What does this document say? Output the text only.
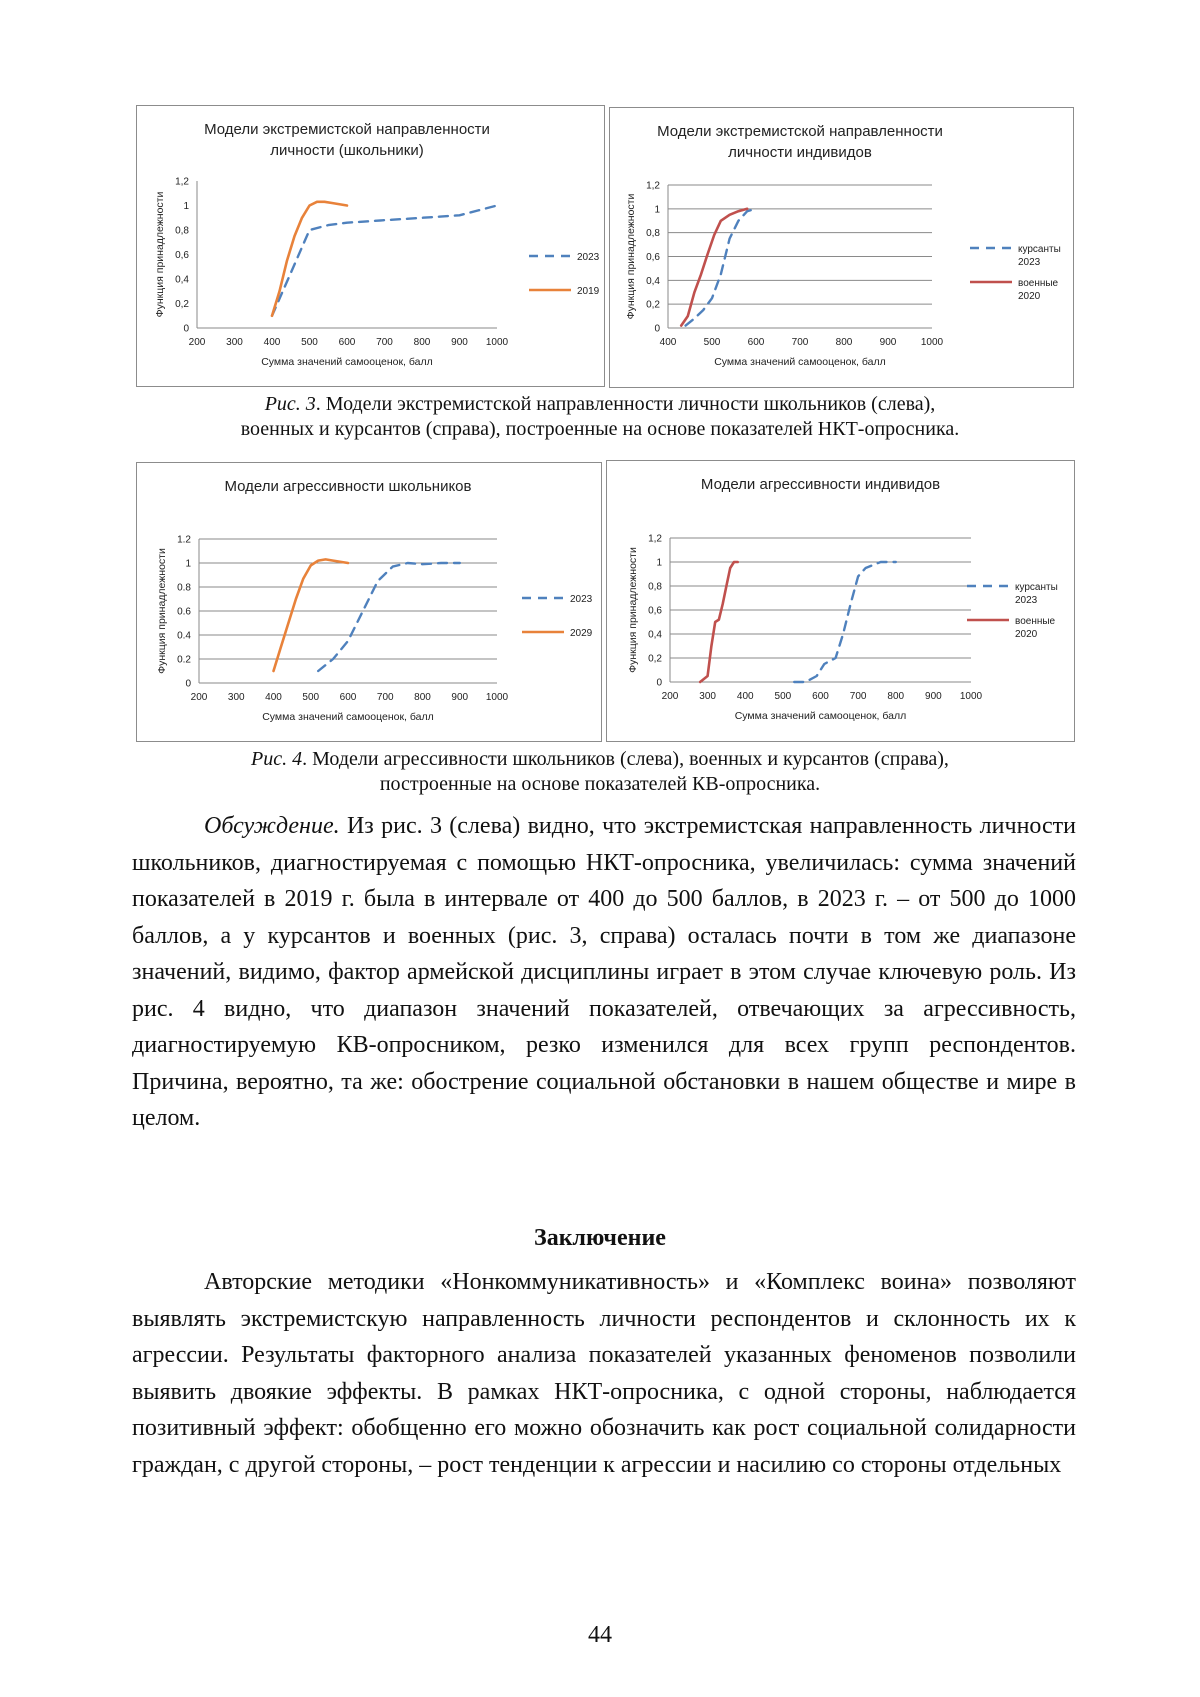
Модели экстремистской направленности
личности (школьники)
0
0,2
0,4
0,6
0,8
1
1,2
200 300 400 500 600 700 800 900 1000
Сумма значений самооценок, балл
Функция принадлежности	2023
2019
Модели экстремистской направленности
личности индивидов
0
0,2
0,4
0,6
0,8
1
1,2
400	500	600	700	800	900 1000
Сумма значений самооценок, балл
Функция принадлежности	курсанты
2023
военные
2020
Рис. 3. Модели экстремистской направленности личности школьников (слева),
военных и курсантов (справа), построенные на основе показателей НКТ-опросника.
Модели агрессивности школьников
0
0.2
0.4
0.6
0.8
1
1.2
200 300 400 500 600 700 800 900 1000
Сумма значений самооценок, балл
Функция принадлежности	2023
2029
Модели агрессивности индивидов
0
0,2
0,4
0,6
0,8
1
1,2
200 300 400 500 600 700 800 900 1000
Сумма значений самооценок, балл
Функция принадлежности	курсанты
2023
военные
2020
Рис. 4. Модели агрессивности школьников (слева), военных и курсантов (справа),
построенные на основе показателей КВ-опросника.
Обсуждение. Из рис. 3 (слева) видно, что экстремистская направленность личности школьников, диагностируемая с помощью НКТ-опросника, увеличилась: сумма значений показателей в 2019 г. была в интервале от 400 до 500 баллов, в 2023 г. – от 500 до 1000 баллов, а у курсантов и военных (рис. 3, справа) осталась почти в том же диапазоне значений, видимо, фактор армейской дисциплины играет в этом случае ключевую роль. Из рис. 4 видно, что диапазон значений показателей, отвечающих за агрессивность, диагностируемую КВ-опросником, резко изменился для всех групп респондентов. Причина, вероятно, та же: обострение социальной обстановки в нашем обществе и мире в целом.
Заключение
Авторские методики «Нонкоммуникативность» и «Комплекс воина» позволяют выявлять экстремистскую направленность личности респондентов и склонность их к агрессии. Результаты факторного анализа показателей указанных феноменов позволили выявить двоякие эффекты. В рамках НКТ-опросника, с одной стороны, наблюдается позитивный эффект: обобщенно его можно обозначить как рост социальной солидарности граждан, с другой стороны, – рост тенденции к агрессии и насилию со стороны отдельных
44
